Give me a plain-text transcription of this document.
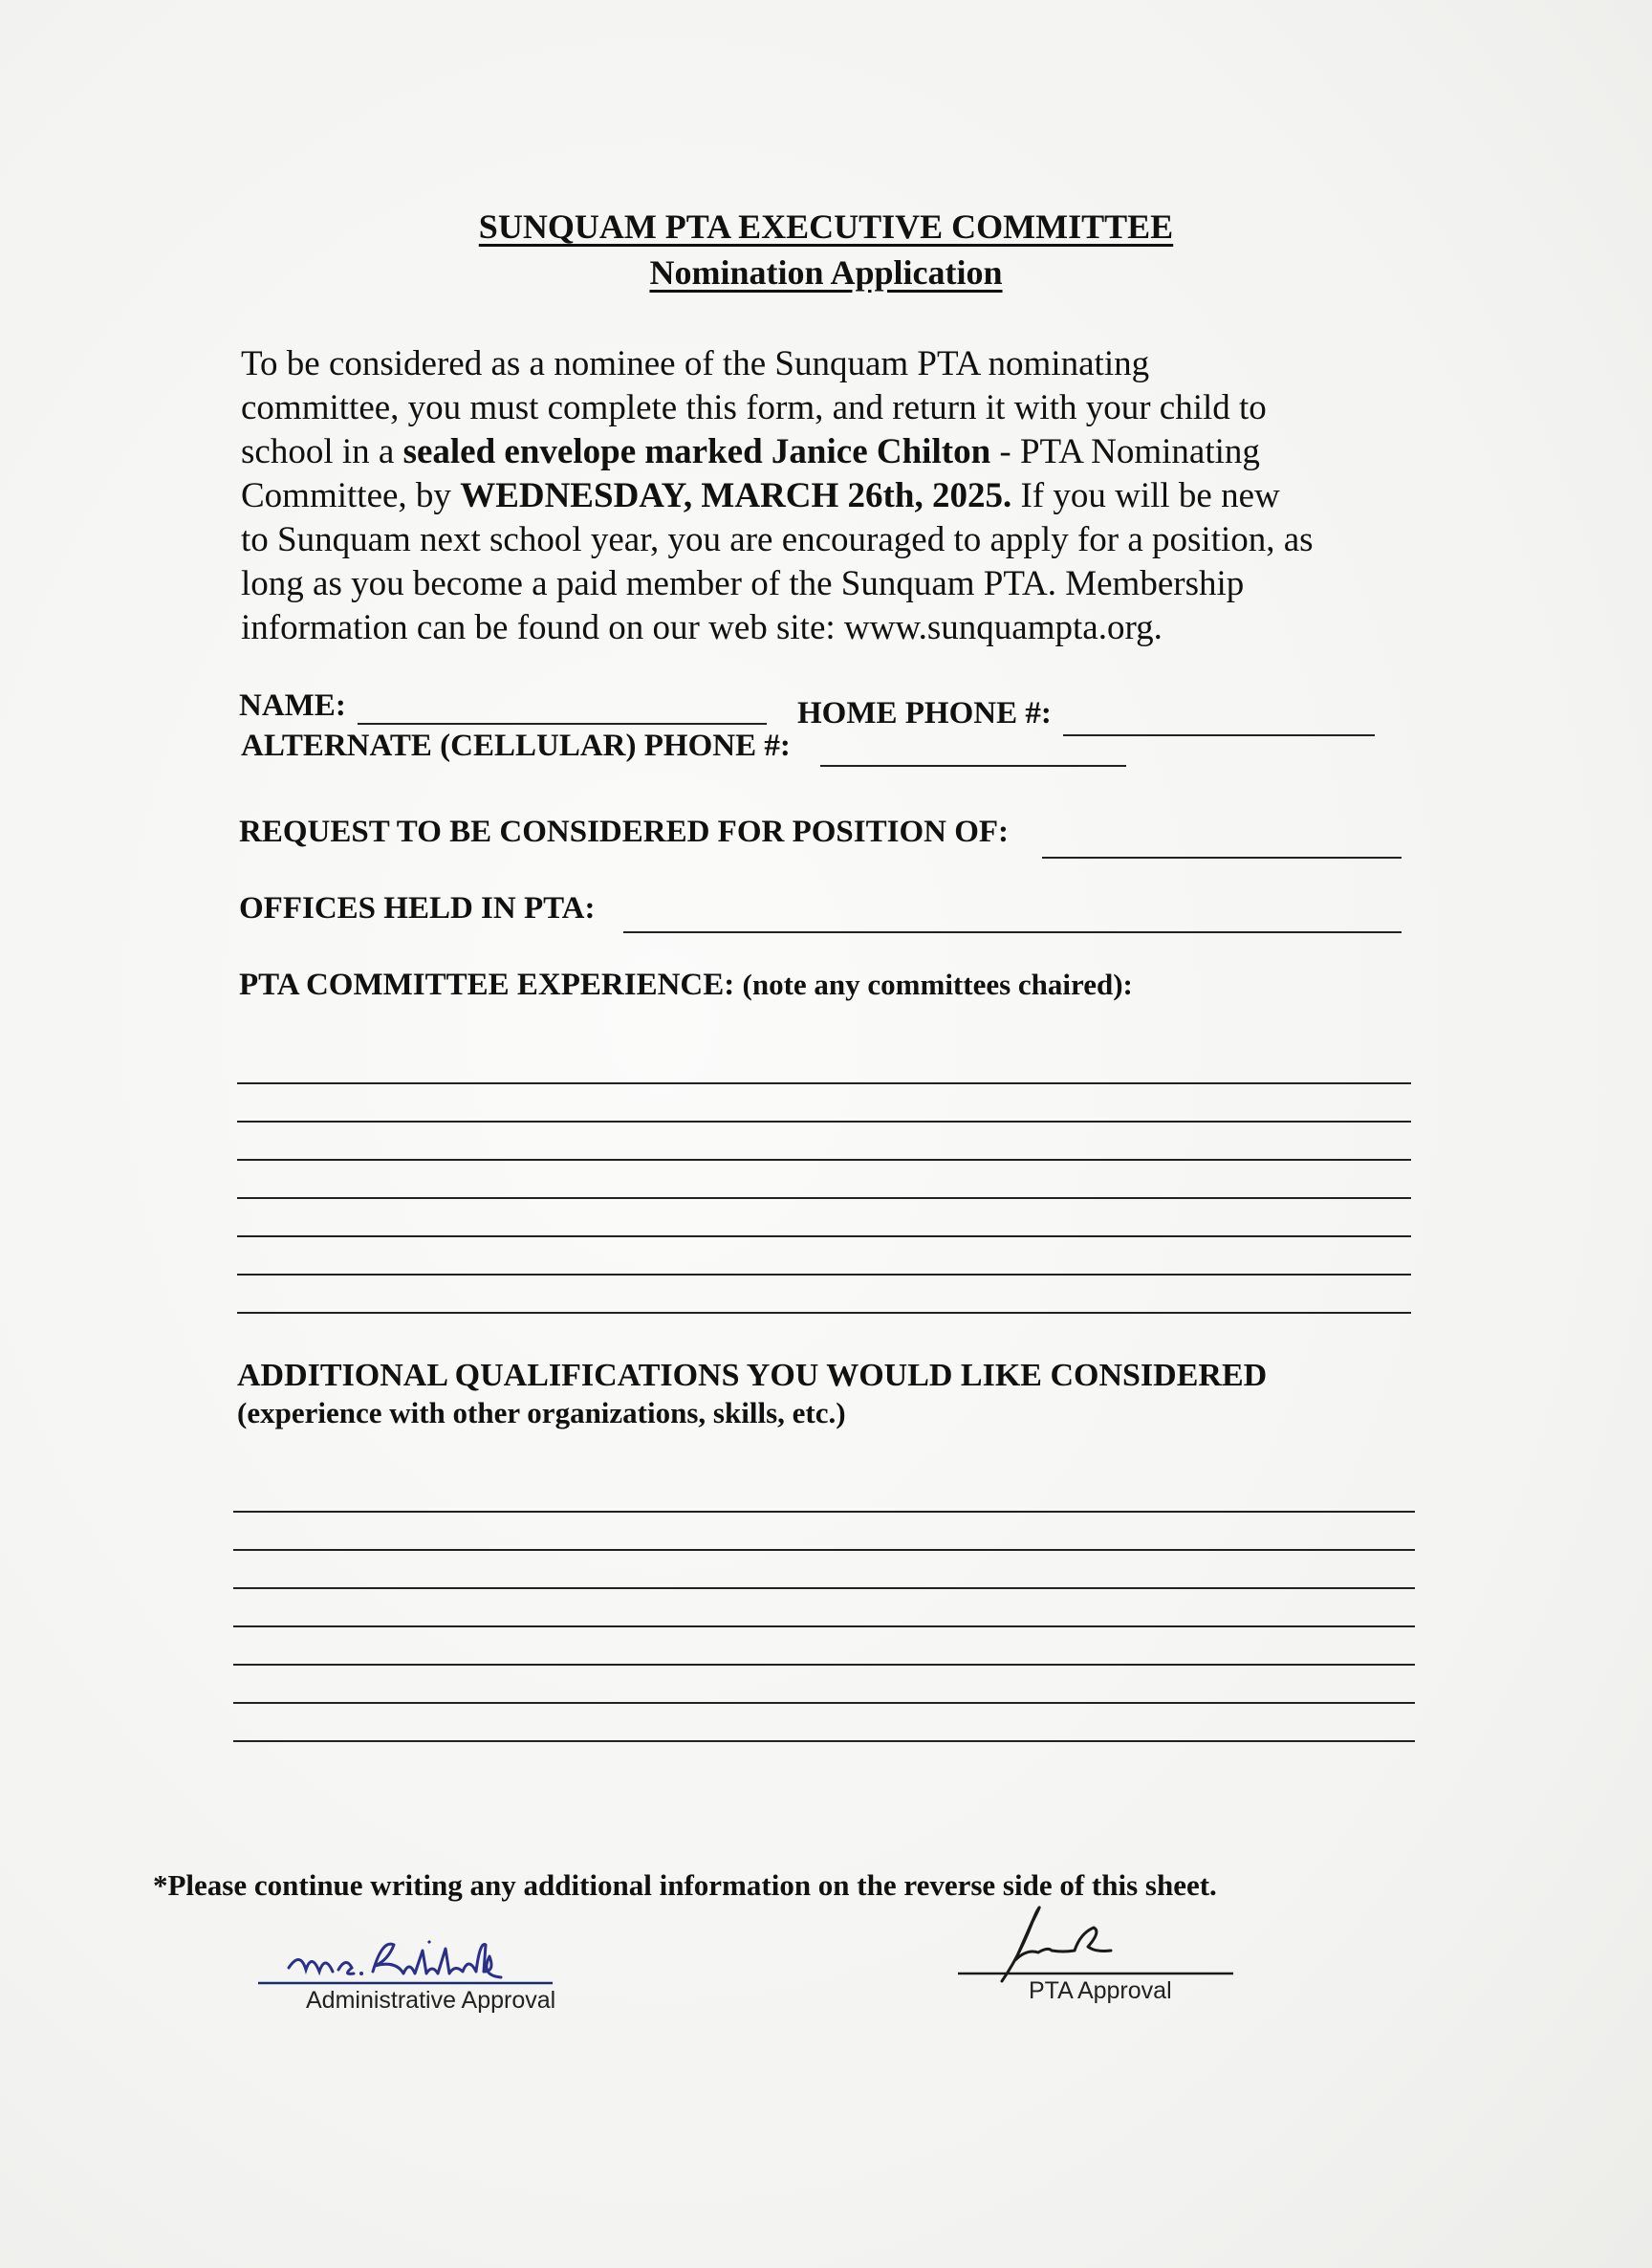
SUNQUAM PTA EXECUTIVE COMMITTEE
Nomination Application

To be considered as a nominee of the Sunquam PTA nominating

committee, you must complete this form, and return it with your child to

school in a sealed envelope marked Janice Chilton - PTA Nominating

Committee, by WEDNESDAY, MARCH 26th, 2025. If you will be new

to Sunquam next school year, you are encouraged to apply for a position, as

long as you become a paid member of the Sunquam PTA. Membership

information can be found on our web site: www.sunquampta.org.

NAME:	HOME PHONE #:
ALTERNATE (CELLULAR) PHONE #:
REQUEST TO BE CONSIDERED FOR POSITION OF:
OFFICES HELD IN PTA:
PTA COMMITTEE EXPERIENCE: (note any committees chaired):
ADDITIONAL QUALIFICATIONS YOU WOULD LIKE CONSIDERED
(experience with other organizations, skills, etc.)
*Please continue writing any additional information on the reverse side of this sheet.
Administrative Approval	PTA Approval
